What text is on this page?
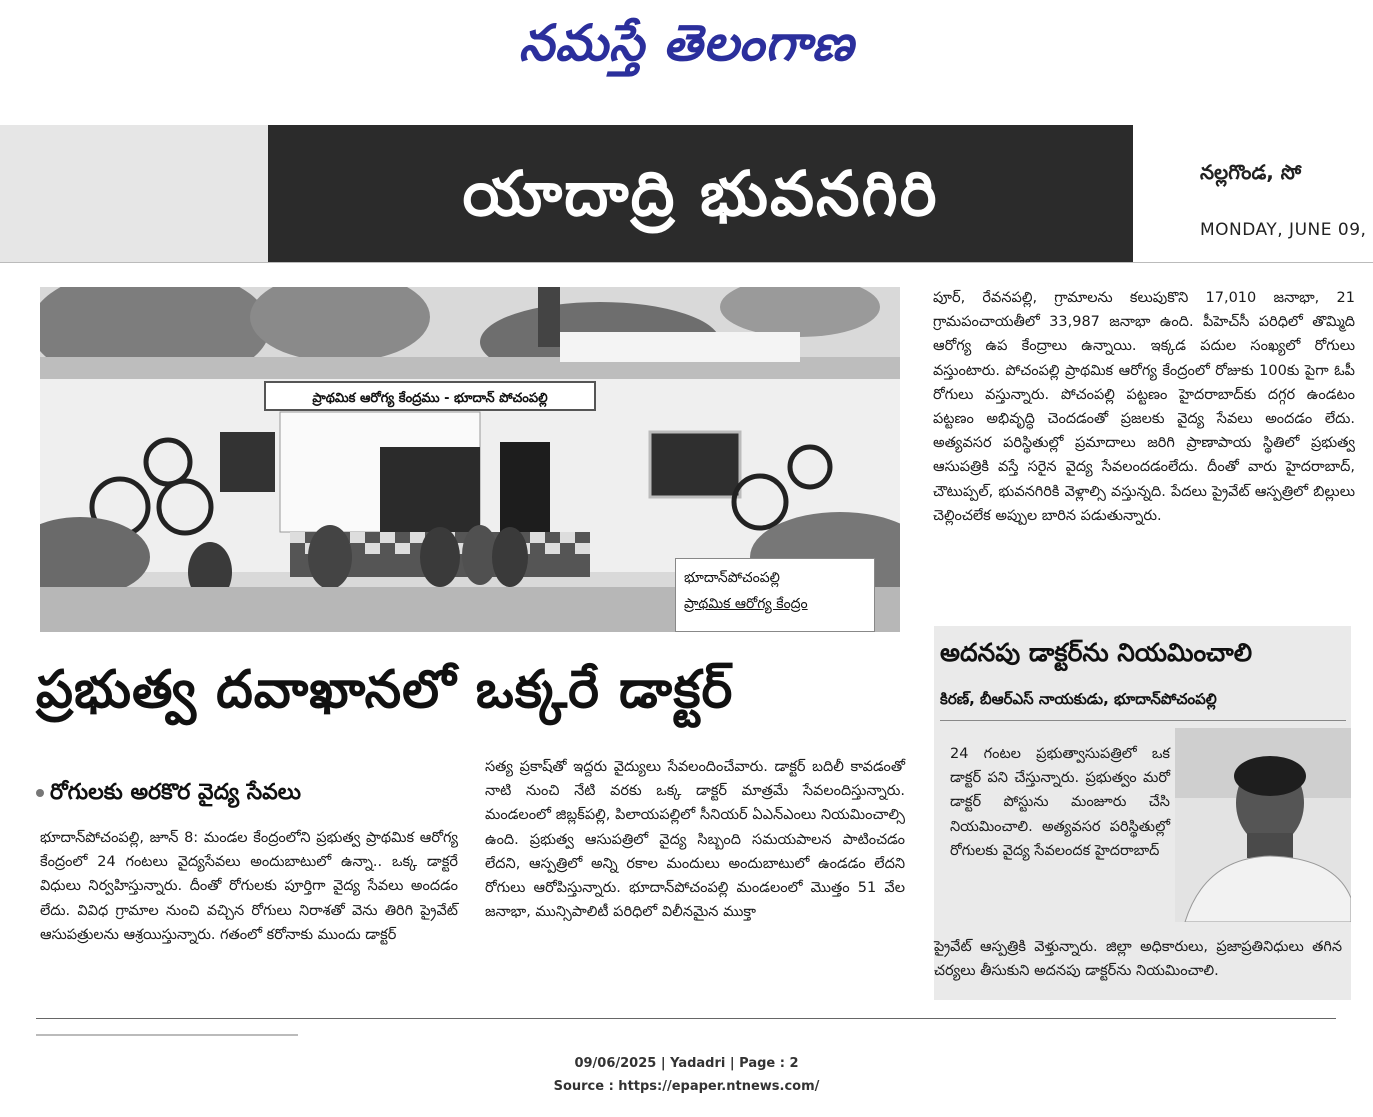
నమస్తే తెలంగాణ
యాదాద్రి భువనగిరి	నల్లగొండ, సో
MONDAY, JUNE 09,
ప్రాథమిక ఆరోగ్య కేంద్రము - భూదాన్ పోచంపల్లి
భూదాన్‌పోచంపల్లి
ప్రాథమిక ఆరోగ్య కేంద్రం
పూర్, రేవనపల్లి, గ్రామాలను కలుపుకొని 17,010 జనాభా, 21 గ్రామపంచాయతీలో 33,987 జనాభా ఉంది. పీహెచ్‌సీ పరిధిలో తొమ్మిది ఆరోగ్య ఉప కేంద్రాలు ఉన్నాయి. ఇక్కడ పదుల సంఖ్యలో రోగులు వస్తుంటారు. పోచంపల్లి ప్రాథమిక ఆరోగ్య కేంద్రంలో రోజుకు 100కు పైగా ఓపీ రోగులు వస్తున్నారు. పోచంపల్లి పట్టణం హైదరాబాద్‌కు దగ్గర ఉండటం పట్టణం అభివృద్ధి చెందడంతో ప్రజలకు వైద్య సేవలు అందడం లేదు. అత్యవసర పరిస్థితుల్లో ప్రమాదాలు జరిగి ప్రాణాపాయ స్థితిలో ప్రభుత్వ ఆసుపత్రికి వస్తే సరైన వైద్య సేవలందడంలేదు. దీంతో వారు హైదరాబాద్, చౌటుప్పల్, భువనగిరికి వెళ్లాల్సి వస్తున్నది. పేదలు ప్రైవేట్ ఆస్పత్రిలో బిల్లులు చెల్లించలేక అప్పుల బారిన పడుతున్నారు.
ప్రభుత్వ దవాఖానలో ఒక్కరే డాక్టర్
రోగులకు అరకొర వైద్య సేవలు
భూదాన్‌పోచంపల్లి, జూన్ 8: మండల కేంద్రంలోని ప్రభుత్వ ప్రాథమిక ఆరోగ్య కేంద్రంలో 24 గంటలు వైద్యసేవలు అందుబాటులో ఉన్నా.. ఒక్క డాక్టరే విధులు నిర్వహిస్తున్నారు. దీంతో రోగులకు పూర్తిగా వైద్య సేవలు అందడం లేదు. వివిధ గ్రామాల నుంచి వచ్చిన రోగులు నిరాశతో వెను తిరిగి ప్రైవేట్ ఆసుపత్రులను ఆశ్రయిస్తున్నారు. గతంలో కరోనాకు ముందు డాక్టర్
సత్య ప్రకాష్‌తో ఇద్దరు వైద్యులు సేవలందించేవారు. డాక్టర్ బదిలీ కావడంతో నాటి నుంచి నేటి వరకు ఒక్క డాక్టర్ మాత్రమే సేవలందిస్తున్నారు. మండలంలో జిబ్లక్‌పల్లి, పిలాయపల్లిలో సీనియర్ ఏఎన్‌ఎంలు నియమించాల్సి ఉంది. ప్రభుత్వ ఆసుపత్రిలో వైద్య సిబ్బంది సమయపాలన పాటించడం లేదని, ఆస్పత్రిలో అన్ని రకాల మందులు అందుబాటులో ఉండడం లేదని రోగులు ఆరోపిస్తున్నారు. భూదాన్‌పోచంపల్లి మండలంలో మొత్తం 51 వేల జనాభా, మున్సిపాలిటీ పరిధిలో విలీనమైన ముక్తా
అదనపు డాక్టర్‌ను నియమించాలి
కిరణ్, బీఆర్‌ఎస్ నాయకుడు, భూదాన్‌పోచంపల్లి
24 గంటల ప్రభుత్వాసుపత్రిలో ఒక డాక్టర్ పని చేస్తున్నారు. ప్రభుత్వం మరో డాక్టర్ పోస్టును మంజూరు చేసి నియమించాలి. అత్యవసర పరిస్థితుల్లో రోగులకు వైద్య సేవలందక హైదరాబాద్
ప్రైవేట్ ఆస్పత్రికి వెళ్తున్నారు. జిల్లా అధికారులు, ప్రజాప్రతినిధులు తగిన చర్యలు తీసుకుని అదనపు డాక్టర్‌ను నియమించాలి.
09/06/2025 | Yadadri | Page : 2
Source : https://epaper.ntnews.com/
